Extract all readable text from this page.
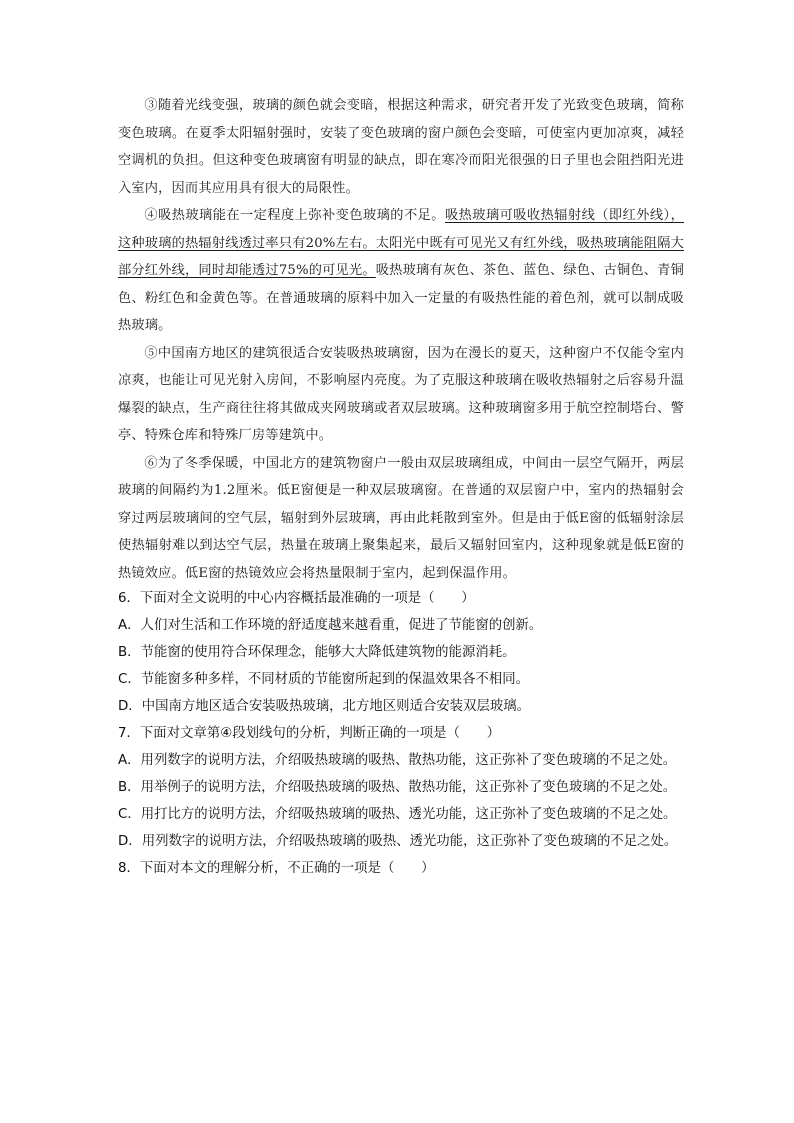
③随着光线变强，玻璃的颜色就会变暗，根据这种需求，研究者开发了光致变色玻璃，简称变色玻璃。在夏季太阳辐射强时，安装了变色玻璃的窗户颜色会变暗，可使室内更加凉爽，减轻空调机的负担。但这种变色玻璃窗有明显的缺点，即在寒冷而阳光很强的日子里也会阻挡阳光进入室内，因而其应用具有很大的局限性。

④吸热玻璃能在一定程度上弥补变色玻璃的不足。吸热玻璃可吸收热辐射线（即红外线），这种玻璃的热辐射线透过率只有20%左右。太阳光中既有可见光又有红外线，吸热玻璃能阻隔大部分红外线，同时却能透过75%的可见光。吸热玻璃有灰色、茶色、蓝色、绿色、古铜色、青铜色、粉红色和金黄色等。在普通玻璃的原料中加入一定量的有吸热性能的着色剂，就可以制成吸热玻璃。

⑤中国南方地区的建筑很适合安装吸热玻璃窗，因为在漫长的夏天，这种窗户不仅能令室内凉爽，也能让可见光射入房间，不影响屋内亮度。为了克服这种玻璃在吸收热辐射之后容易升温爆裂的缺点，生产商往往将其做成夹网玻璃或者双层玻璃。这种玻璃窗多用于航空控制塔台、警亭、特殊仓库和特殊厂房等建筑中。

⑥为了冬季保暖，中国北方的建筑物窗户一般由双层玻璃组成，中间由一层空气隔开，两层玻璃的间隔约为1.2厘米。低E窗便是一种双层玻璃窗。在普通的双层窗户中，室内的热辐射会穿过两层玻璃间的空气层，辐射到外层玻璃，再由此耗散到室外。但是由于低E窗的低辐射涂层使热辐射难以到达空气层，热量在玻璃上聚集起来，最后又辐射回室内，这种现象就是低E窗的热镜效应。低E窗的热镜效应会将热量限制于室内，起到保温作用。

6．下面对全文说明的中心内容概括最准确的一项是（　　）

A．人们对生活和工作环境的舒适度越来越看重，促进了节能窗的创新。

B．节能窗的使用符合环保理念，能够大大降低建筑物的能源消耗。

C．节能窗多种多样，不同材质的节能窗所起到的保温效果各不相同。

D．中国南方地区适合安装吸热玻璃，北方地区则适合安装双层玻璃。

7．下面对文章第④段划线句的分析，判断正确的一项是（　　）

A．用列数字的说明方法，介绍吸热玻璃的吸热、散热功能，这正弥补了变色玻璃的不足之处。

B．用举例子的说明方法，介绍吸热玻璃的吸热、散热功能，这正弥补了变色玻璃的不足之处。

C．用打比方的说明方法，介绍吸热玻璃的吸热、透光功能，这正弥补了变色玻璃的不足之处。

D．用列数字的说明方法，介绍吸热玻璃的吸热、透光功能，这正弥补了变色玻璃的不足之处。

8．下面对本文的理解分析，不正确的一项是（　　）
